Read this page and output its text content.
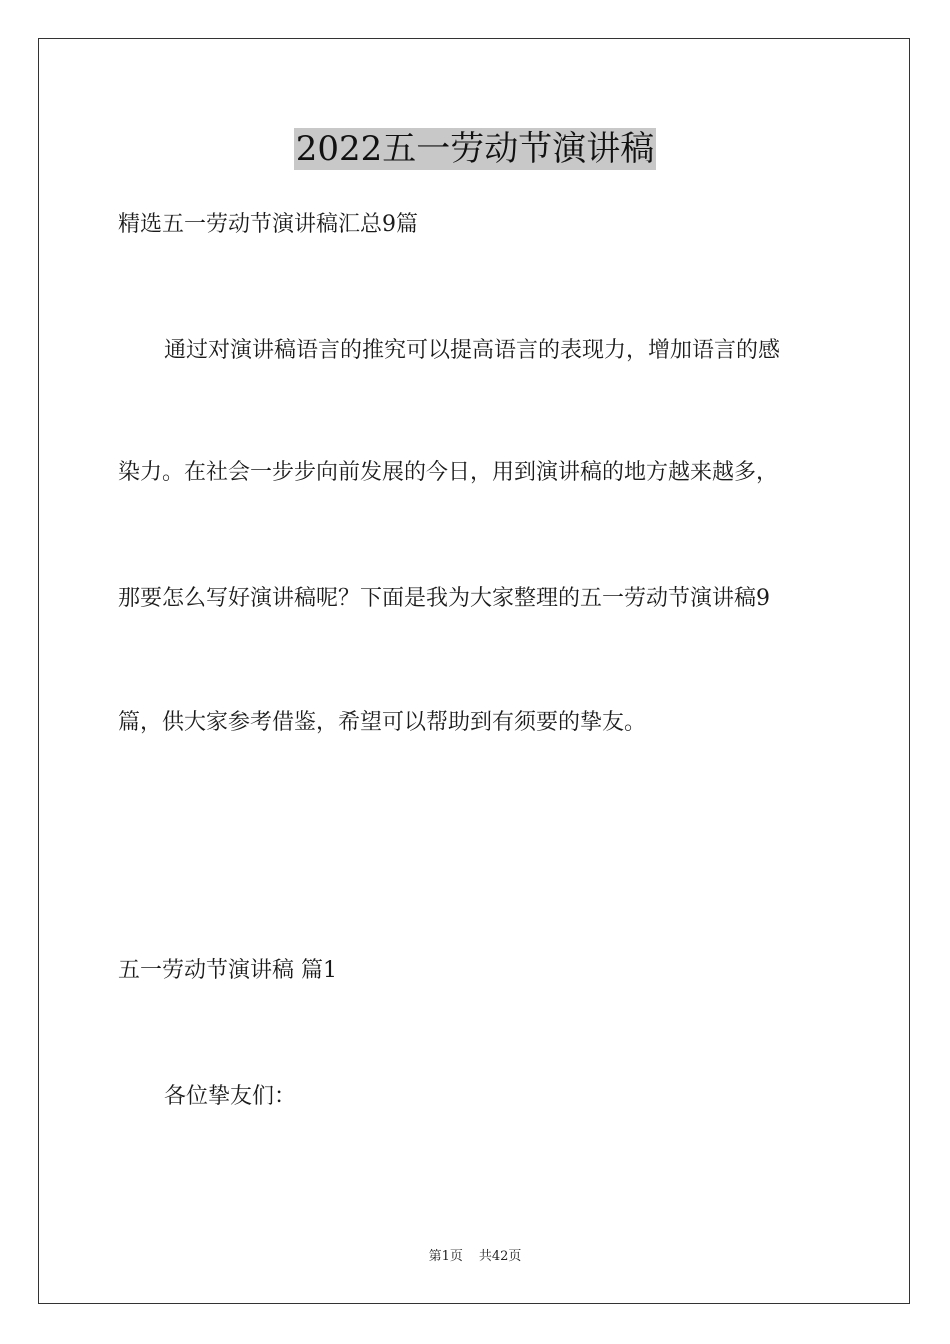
2022五一劳动节演讲稿
精选五一劳动节演讲稿汇总9篇
通过对演讲稿语言的推究可以提高语言的表现力，增加语言的感
染力。在社会一步步向前发展的今日，用到演讲稿的地方越来越多，
那要怎么写好演讲稿呢？下面是我为大家整理的五一劳动节演讲稿9
篇，供大家参考借鉴，希望可以帮助到有须要的挚友。
五一劳动节演讲稿 篇1
各位挚友们：
第1页 共42页
